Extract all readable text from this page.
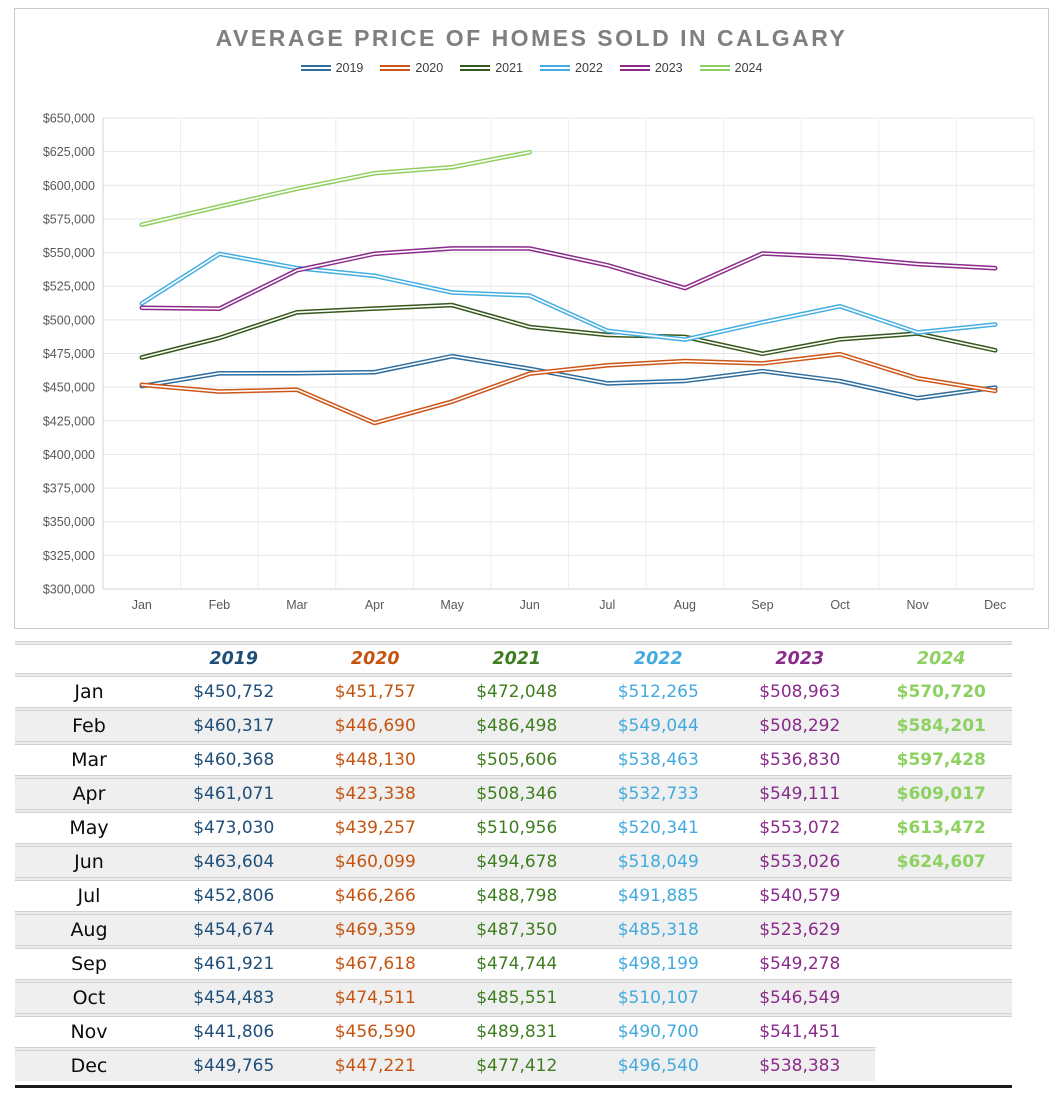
AVERAGE PRICE OF HOMES SOLD IN CALGARY
2019	2020	2021	2022	2023	2024
$650,000
$625,000
$600,000
$575,000
$550,000
$525,000
$500,000
$475,000
$450,000
$425,000
$400,000
$375,000
$350,000
$325,000
$300,000
Jan	Feb	Mar	Apr	May	Jun	Jul	Aug	Sep	Oct	Nov	Dec
2019	2020	2021	2022	2023	2024
Jan	$450,752	$451,757	$472,048	$512,265	$508,963	$570,720
Feb	$460,317	$446,690	$486,498	$549,044	$508,292	$584,201
Mar	$460,368	$448,130	$505,606	$538,463	$536,830	$597,428
Apr	$461,071	$423,338	$508,346	$532,733	$549,111	$609,017
May	$473,030	$439,257	$510,956	$520,341	$553,072	$613,472
Jun	$463,604	$460,099	$494,678	$518,049	$553,026	$624,607
Jul	$452,806	$466,266	$488,798	$491,885	$540,579
Aug	$454,674	$469,359	$487,350	$485,318	$523,629
Sep	$461,921	$467,618	$474,744	$498,199	$549,278
Oct	$454,483	$474,511	$485,551	$510,107	$546,549
Nov	$441,806	$456,590	$489,831	$490,700	$541,451
Dec	$449,765	$447,221	$477,412	$496,540	$538,383
